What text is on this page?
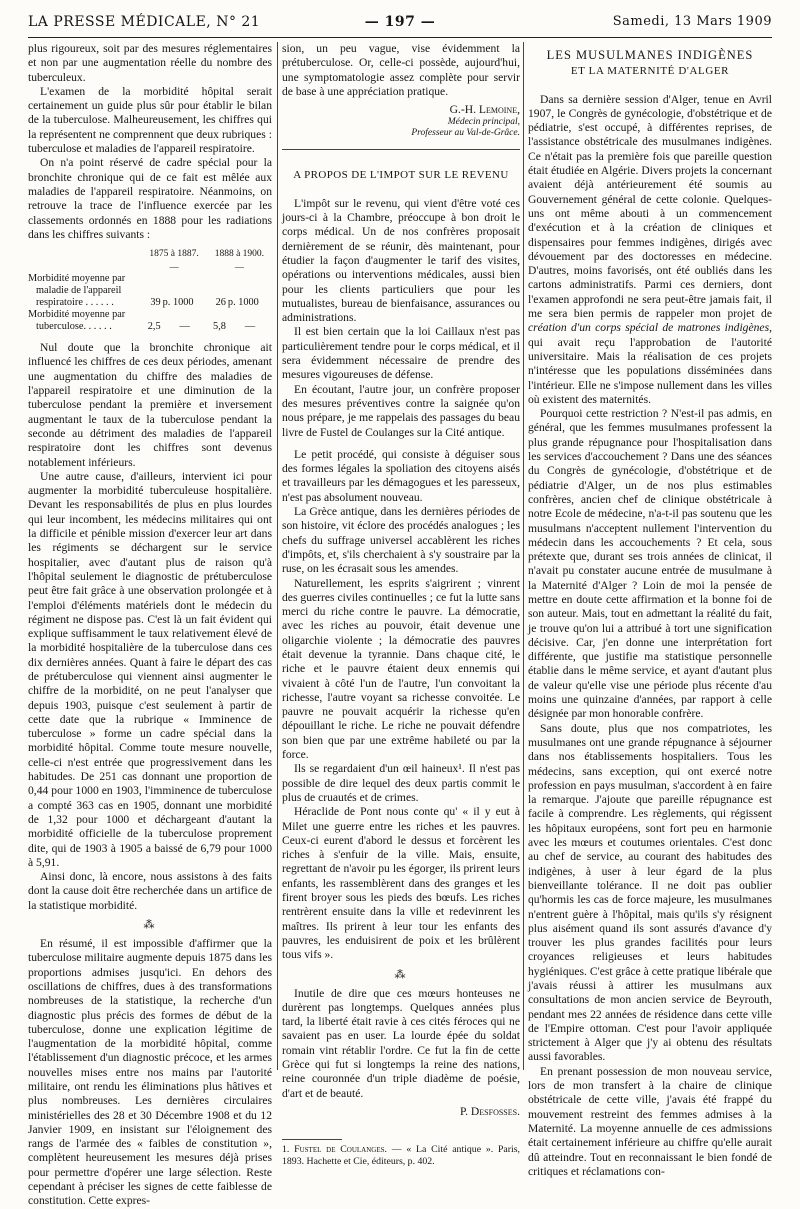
LA PRESSE MÉDICALE, N° 21	— 197 —	Samedi, 13 Mars 1909

plus rigoureux, soit par des mesures réglementaires et non par une augmentation réelle du nombre des tuberculeux.

L'examen de la morbidité hôpital serait certainement un guide plus sûr pour établir le bilan de la tuberculose. Malheureusement, les chiffres qui la représentent ne comprennent que deux rubriques : tuberculose et maladies de l'appareil respiratoire.

On n'a point réservé de cadre spécial pour la bronchite chronique qui de ce fait est mêlée aux maladies de l'appareil respiratoire. Néanmoins, on retrouve la trace de l'influence exercée par les classements ordonnés en 1888 pour les radiations dans les chiffres suivants :

	1875 à 1887.		1888 à 1900.	
	—		—	
Morbidité moyenne par				
maladie de l'appareil				
respiratoire . . . . . .	39	p. 1000	26	p. 1000
Morbidité moyenne par				
tuberculose. . . . . .	2,5	—	5,8	—

Nul doute que la bronchite chronique ait influencé les chiffres de ces deux périodes, amenant une augmentation du chiffre des maladies de l'appareil respiratoire et une diminution de la tuberculose pendant la première et inversement augmentant le taux de la tuberculose pendant la seconde au détriment des maladies de l'appareil respiratoire dont les chiffres sont devenus notablement inférieurs.

Une autre cause, d'ailleurs, intervient ici pour augmenter la morbidité tuberculeuse hospitalière. Devant les responsabilités de plus en plus lourdes qui leur incombent, les médecins militaires qui ont la difficile et pénible mission d'exercer leur art dans les régiments se déchargent sur le service hospitalier, avec d'autant plus de raison qu'à l'hôpital seulement le diagnostic de prétuberculose peut être fait grâce à une observation prolongée et à l'emploi d'éléments matériels dont le médecin du régiment ne dispose pas. C'est là un fait évident qui explique suffisamment le taux relativement élevé de la morbidité hospitalière de la tuberculose dans ces dix dernières années. Quant à faire le départ des cas de prétuberculose qui viennent ainsi augmenter le chiffre de la morbidité, on ne peut l'analyser que depuis 1903, puisque c'est seulement à partir de cette date que la rubrique « Imminence de tuberculose » forme un cadre spécial dans la morbidité hôpital. Comme toute mesure nouvelle, celle-ci n'est entrée que progressivement dans les habitudes. De 251 cas donnant une proportion de 0,44 pour 1000 en 1903, l'imminence de tuberculose a compté 363 cas en 1905, donnant une morbidité de 1,32 pour 1000 et déchargeant d'autant la morbidité officielle de la tuberculose proprement dite, qui de 1903 à 1905 a baissé de 6,79 pour 1000 à 5,91.

Ainsi donc, là encore, nous assistons à des faits dont la cause doit être recherchée dans un artifice de la statistique morbidité.

⁂

En résumé, il est impossible d'affirmer que la tuberculose militaire augmente depuis 1875 dans les proportions admises jusqu'ici. En dehors des oscillations de chiffres, dues à des transformations nombreuses de la statistique, la recherche d'un diagnostic plus précis des formes de début de la tuberculose, donne une explication légitime de l'augmentation de la morbidité hôpital, comme l'établissement d'un diagnostic précoce, et les armes nouvelles mises entre nos mains par l'autorité militaire, ont rendu les éliminations plus hâtives et plus nombreuses. Les dernières circulaires ministérielles des 28 et 30 Décembre 1908 et du 12 Janvier 1909, en insistant sur l'éloignement des rangs de l'armée des « faibles de constitution », complètent heureusement les mesures déjà prises pour permettre d'opérer une large sélection. Reste cependant à préciser les signes de cette faiblesse de constitution. Cette expres-

sion, un peu vague, vise évidemment la prétuberculose. Or, celle-ci possède, aujourd'hui, une symptomatologie assez complète pour servir de base à une appréciation pratique.

G.-H. Lemoine,
Médecin principal,
Professeur au Val-de-Grâce.
A PROPOS DE L'IMPOT SUR LE REVENU

L'impôt sur le revenu, qui vient d'être voté ces jours-ci à la Chambre, préoccupe à bon droit le corps médical. Un de nos confrères proposait dernièrement de se réunir, dès maintenant, pour étudier la façon d'augmenter le tarif des visites, opérations ou interventions médicales, aussi bien pour les clients particuliers que pour les mutualistes, bureau de bienfaisance, assurances ou administrations.

Il est bien certain que la loi Caillaux n'est pas particulièrement tendre pour le corps médical, et il sera évidemment nécessaire de prendre des mesures vigoureuses de défense.

En écoutant, l'autre jour, un confrère proposer des mesures préventives contre la saignée qu'on nous prépare, je me rappelais des passages du beau livre de Fustel de Coulanges sur la Cité antique.

Le petit procédé, qui consiste à déguiser sous des formes légales la spoliation des citoyens aisés et travailleurs par les démagogues et les paresseux, n'est pas absolument nouveau.

La Grèce antique, dans les dernières périodes de son histoire, vit éclore des procédés analogues ; les chefs du suffrage universel accablèrent les riches d'impôts, et, s'ils cherchaient à s'y soustraire par la ruse, on les écrasait sous les amendes.

Naturellement, les esprits s'aigrirent ; vinrent des guerres civiles continuelles ; ce fut la lutte sans merci du riche contre le pauvre. La démocratie, avec les riches au pouvoir, était devenue une oligarchie violente ; la démocratie des pauvres était devenue la tyrannie. Dans chaque cité, le riche et le pauvre étaient deux ennemis qui vivaient à côté l'un de l'autre, l'un convoitant la richesse, l'autre voyant sa richesse convoitée. Le pauvre ne pouvait acquérir la richesse qu'en dépouillant le riche. Le riche ne pouvait défendre son bien que par une extrême habileté ou par la force.

Ils se regardaient d'un œil haineux¹. Il n'est pas possible de dire lequel des deux partis commit le plus de cruautés et de crimes.

Héraclide de Pont nous conte qu' « il y eut à Milet une guerre entre les riches et les pauvres. Ceux-ci eurent d'abord le dessus et forcèrent les riches à s'enfuir de la ville. Mais, ensuite, regrettant de n'avoir pu les égorger, ils prirent leurs enfants, les rassemblèrent dans des granges et les firent broyer sous les pieds des bœufs. Les riches rentrèrent ensuite dans la ville et redevinrent les maîtres. Ils prirent à leur tour les enfants des pauvres, les enduisirent de poix et les brûlèrent tous vifs ».

⁂

Inutile de dire que ces mœurs honteuses ne durèrent pas longtemps. Quelques années plus tard, la liberté était ravie à ces cités féroces qui ne savaient pas en user. La lourde épée du soldat romain vint rétablir l'ordre. Ce fut la fin de cette Grèce qui fut si longtemps la reine des nations, reine couronnée d'un triple diadème de poésie, d'art et de beauté.

P. Desfosses.
1. Fustel de Coulanges. — « La Cité antique ». Paris, 1893. Hachette et Cie, éditeurs, p. 402.
LES MUSULMANES INDIGÈNES
ET LA MATERNITÉ D'ALGER

Dans sa dernière session d'Alger, tenue en Avril 1907, le Congrès de gynécologie, d'obstétrique et de pédiatrie, s'est occupé, à différentes reprises, de l'assistance obstétricale des musulmanes indigènes. Ce n'était pas la première fois que pareille question était étudiée en Algérie. Divers projets la concernant avaient déjà antérieurement été soumis au Gouvernement général de cette colonie. Quelques-uns ont même abouti à un commencement d'exécution et à la création de cliniques et dispensaires pour femmes indigènes, dirigés avec dévouement par des doctoresses en médecine. D'autres, moins favorisés, ont été oubliés dans les cartons administratifs. Parmi ces derniers, dont l'examen approfondi ne sera peut-être jamais fait, il me sera bien permis de rappeler mon projet de création d'un corps spécial de matrones indigènes, qui avait reçu l'approbation de l'autorité universitaire. Mais la réalisation de ces projets n'intéresse que les populations disséminées dans l'intérieur. Elle ne s'impose nullement dans les villes où existent des maternités.

Pourquoi cette restriction ? N'est-il pas admis, en général, que les femmes musulmanes professent la plus grande répugnance pour l'hospitalisation dans les services d'accouchement ? Dans une des séances du Congrès de gynécologie, d'obstétrique et de pédiatrie d'Alger, un de nos plus estimables confrères, ancien chef de clinique obstétricale à notre Ecole de médecine, n'a-t-il pas soutenu que les musulmans n'acceptent nullement l'intervention du médecin dans les accouchements ? Et cela, sous prétexte que, durant ses trois années de clinicat, il n'avait pu constater aucune entrée de musulmane à la Maternité d'Alger ? Loin de moi la pensée de mettre en doute cette affirmation et la bonne foi de son auteur. Mais, tout en admettant la réalité du fait, je trouve qu'on lui a attribué à tort une signification décisive. Car, j'en donne une interprétation fort différente, que justifie ma statistique personnelle établie dans le même service, et ayant d'autant plus de valeur qu'elle vise une période plus récente d'au moins une quinzaine d'années, par rapport à celle désignée par mon honorable confrère.

Sans doute, plus que nos compatriotes, les musulmanes ont une grande répugnance à séjourner dans nos établissements hospitaliers. Tous les médecins, sans exception, qui ont exercé notre profession en pays musulman, s'accordent à en faire la remarque. J'ajoute que pareille répugnance est facile à comprendre. Les règlements, qui régissent les hôpitaux européens, sont fort peu en harmonie avec les mœurs et coutumes orientales. C'est donc au chef de service, au courant des habitudes des indigènes, à user à leur égard de la plus bienveillante tolérance. Il ne doit pas oublier qu'hormis les cas de force majeure, les musulmanes n'entrent guère à l'hôpital, mais qu'ils s'y résignent plus aisément quand ils sont assurés d'avance d'y trouver les plus grandes facilités pour leurs croyances religieuses et leurs habitudes hygiéniques. C'est grâce à cette pratique libérale que j'avais réussi à attirer les musulmans aux consultations de mon ancien service de Beyrouth, pendant mes 22 années de résidence dans cette ville de l'Empire ottoman. C'est pour l'avoir appliquée strictement à Alger que j'y ai obtenu des résultats aussi favorables.

En prenant possession de mon nouveau service, lors de mon transfert à la chaire de clinique obstétricale de cette ville, j'avais été frappé du mouvement restreint des femmes admises à la Maternité. La moyenne annuelle de ces admissions était certainement inférieure au chiffre qu'elle aurait dû atteindre. Tout en reconnaissant le bien fondé de critiques et réclamations con-
